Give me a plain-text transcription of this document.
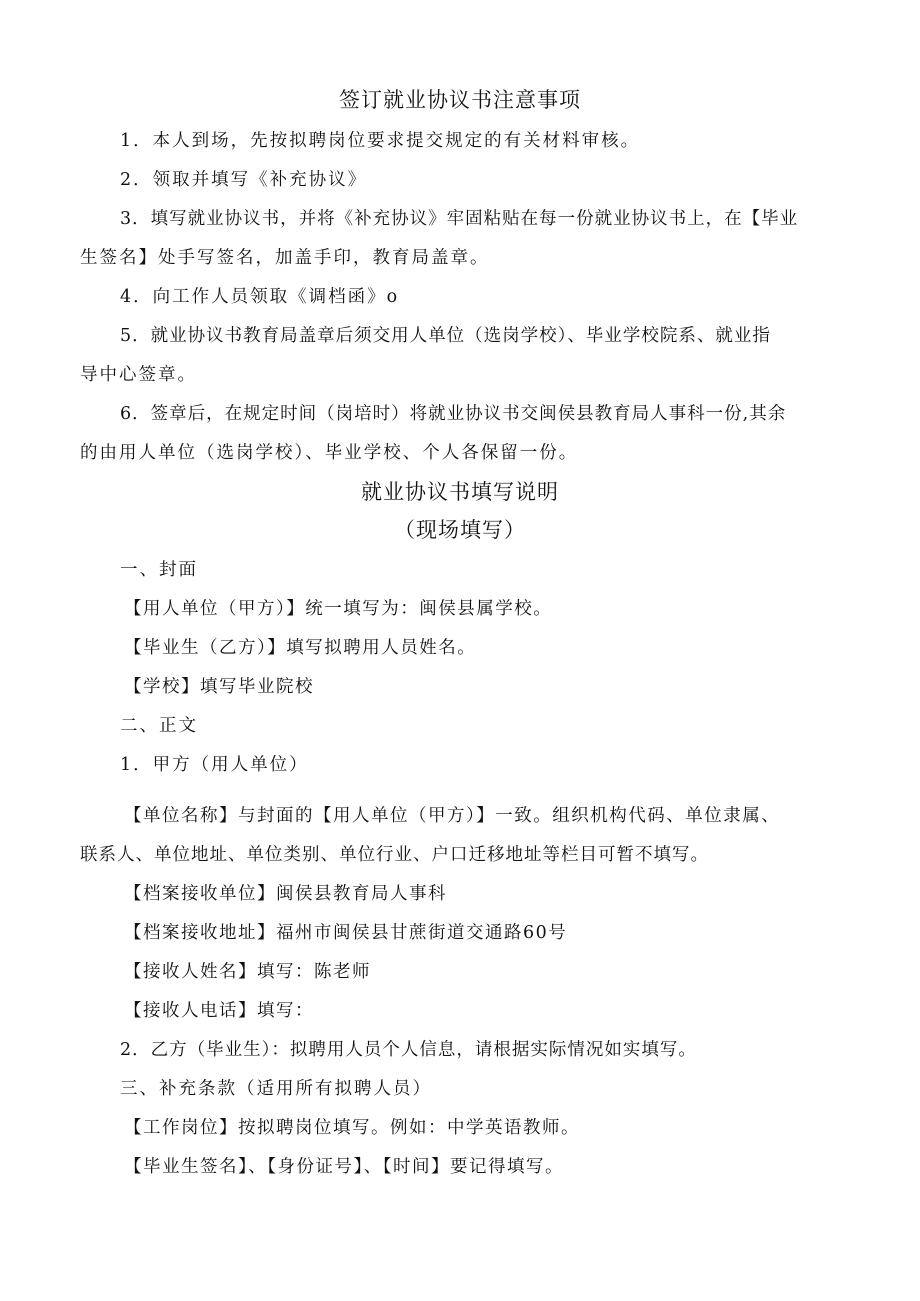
签订就业协议书注意事项
1．本人到场，先按拟聘岗位要求提交规定的有关材料审核。
2．领取并填写《补充协议》
3．填写就业协议书，并将《补充协议》牢固粘贴在每一份就业协议书上，在【毕业
生签名】处手写签名，加盖手印，教育局盖章。
4．向工作人员领取《调档函》o
5．就业协议书教育局盖章后须交用人单位（选岗学校）、毕业学校院系、就业指
导中心签章。
6．签章后，在规定时间（岗培时）将就业协议书交闽侯县教育局人事科一份,其余
的由用人单位（选岗学校）、毕业学校、个人各保留一份。
就业协议书填写说明
（现场填写）
一、封面
【用人单位（甲方）】统一填写为：闽侯县属学校。
【毕业生（乙方）】填写拟聘用人员姓名。
【学校】填写毕业院校
二、正文
1．甲方（用人单位）
【单位名称】与封面的【用人单位（甲方）】一致。组织机构代码、单位隶属、
联系人、单位地址、单位类别、单位行业、户口迁移地址等栏目可暂不填写。
【档案接收单位】闽侯县教育局人事科
【档案接收地址】福州市闽侯县甘蔗街道交通路60号
【接收人姓名】填写：陈老师
【接收人电话】填写：
2．乙方（毕业生）：拟聘用人员个人信息，请根据实际情况如实填写。
三、补充条款（适用所有拟聘人员）
【工作岗位】按拟聘岗位填写。例如：中学英语教师。
【毕业生签名】、【身份证号】、【时间】要记得填写。
